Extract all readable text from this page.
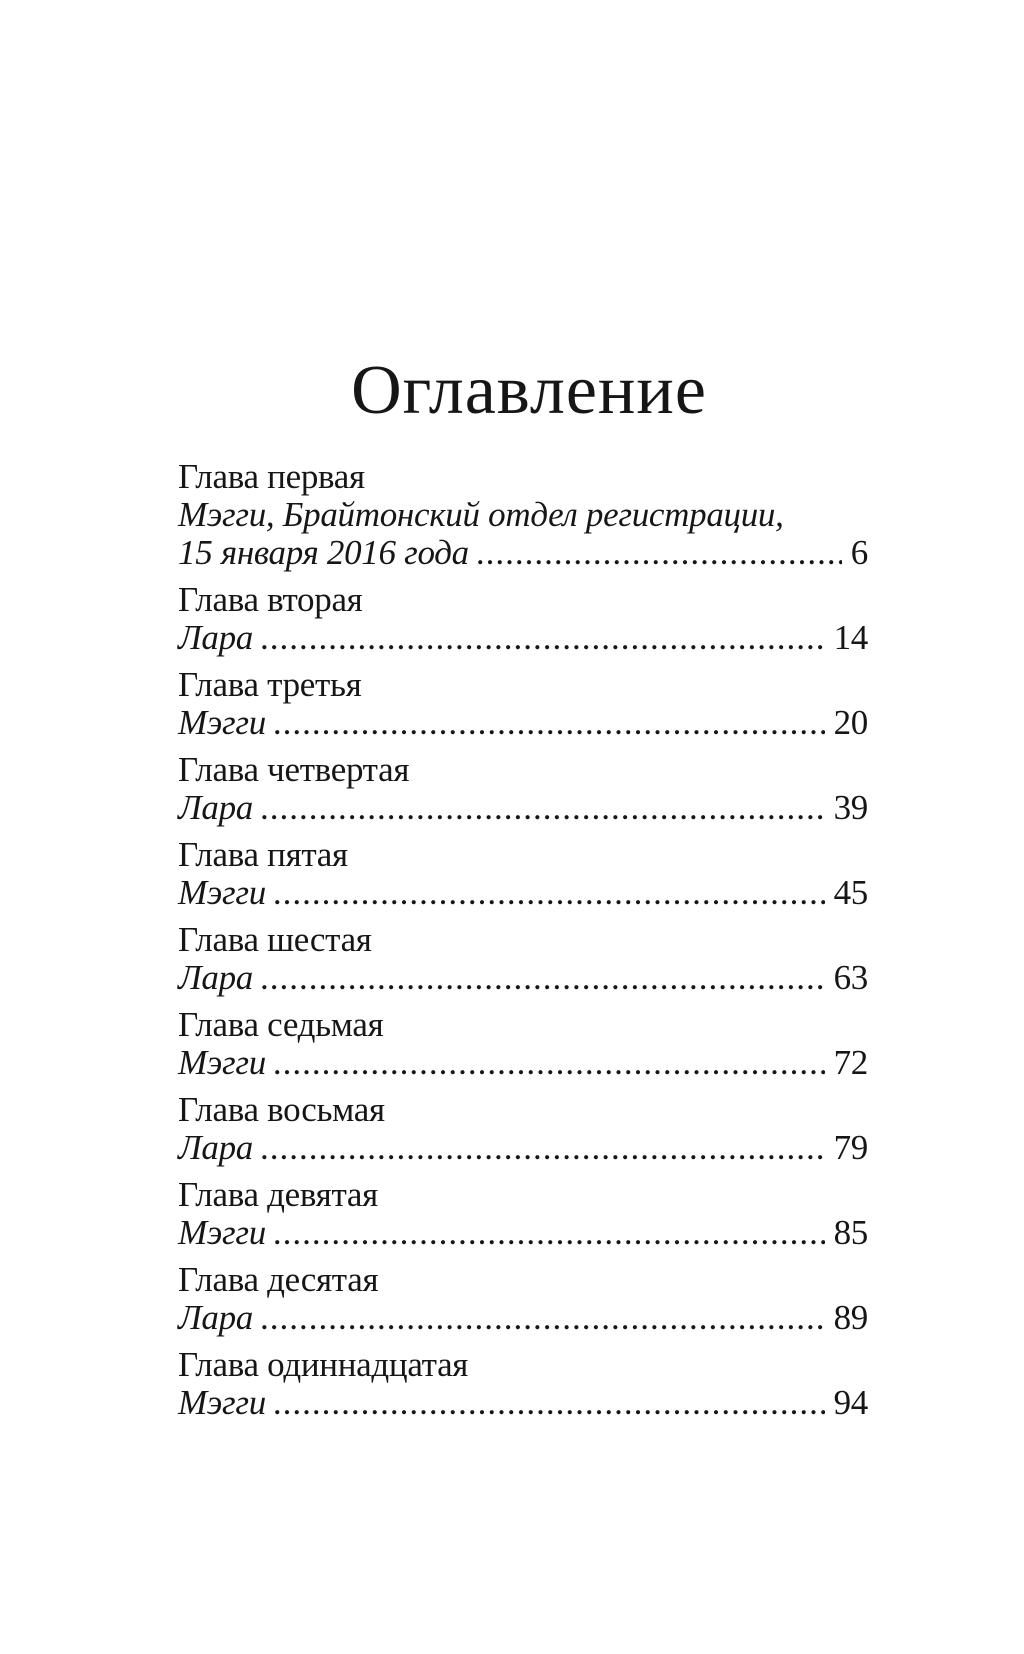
Оглавление
Глава первая
Мэгги, Брайтонский отдел регистрации,
15 января 2016 года .....	6
Глава вторая
Лара .....	14
Глава третья
Мэгги .....	20
Глава четвертая
Лара .....	39
Глава пятая
Мэгги .....	45
Глава шестая
Лара .....	63
Глава седьмая
Мэгги .....	72
Глава восьмая
Лара .....	79
Глава девятая
Мэгги .....	85
Глава десятая
Лара .....	89
Глава одиннадцатая
Мэгги .....	94
